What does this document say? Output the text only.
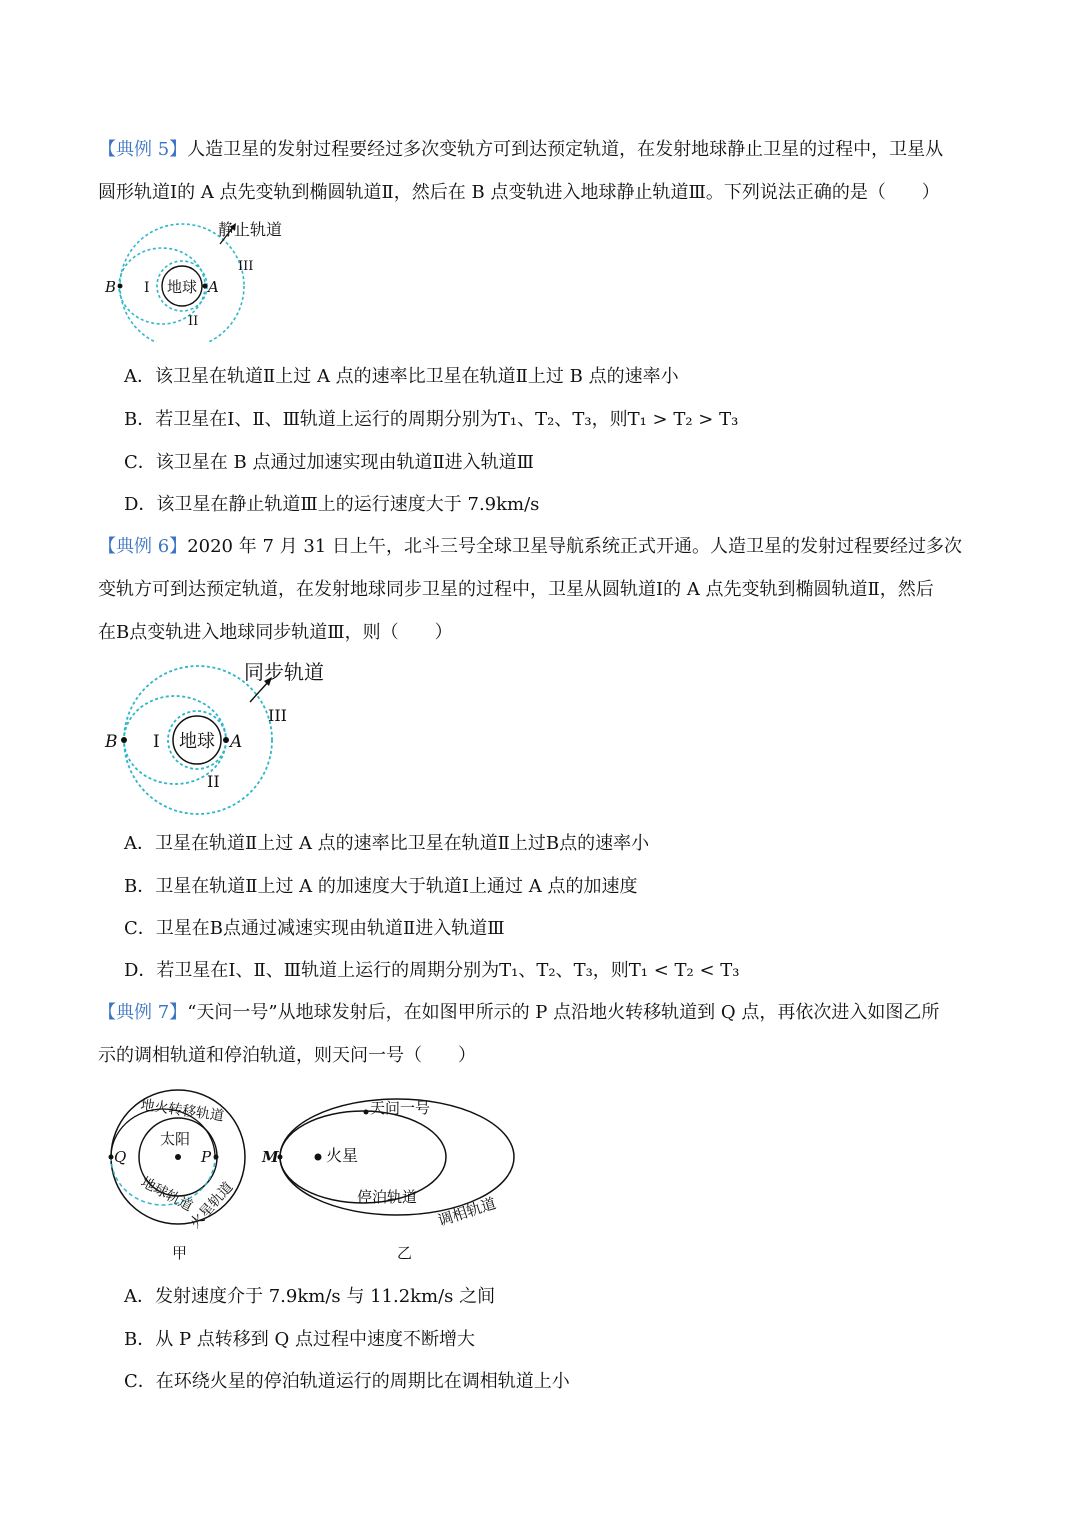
【典例 5】人造卫星的发射过程要经过多次变轨方可到达预定轨道，在发射地球静止卫星的过程中，卫星从
圆形轨道Ⅰ的 A 点先变轨到椭圆轨道Ⅱ，然后在 B 点变轨进入地球静止轨道Ⅲ。下列说法正确的是（　　）
地球
B	A
I
II
III
静止轨道
A．该卫星在轨道Ⅱ上过 A 点的速率比卫星在轨道Ⅱ上过 B 点的速率小
B．若卫星在Ⅰ、Ⅱ、Ⅲ轨道上运行的周期分别为T₁、T₂、T₃，则T₁ > T₂ > T₃
C．该卫星在 B 点通过加速实现由轨道Ⅱ进入轨道Ⅲ
D．该卫星在静止轨道Ⅲ上的运行速度大于 7.9km/s
【典例 6】2020 年 7 月 31 日上午，北斗三号全球卫星导航系统正式开通。人造卫星的发射过程要经过多次
变轨方可到达预定轨道，在发射地球同步卫星的过程中，卫星从圆轨道Ⅰ的 A 点先变轨到椭圆轨道Ⅱ，然后
在B点变轨进入地球同步轨道Ⅲ，则（　　）
地球
B	A
I
II
III
同步轨道
A．卫星在轨道Ⅱ上过 A 点的速率比卫星在轨道Ⅱ上过B点的速率小
B．卫星在轨道Ⅱ上过 A 的加速度大于轨道Ⅰ上通过 A 点的加速度
C．卫星在B点通过减速实现由轨道Ⅱ进入轨道Ⅲ
D．若卫星在Ⅰ、Ⅱ、Ⅲ轨道上运行的周期分别为T₁、T₂、T₃，则T₁ < T₂ < T₃
【典例 7】“天问一号”从地球发射后，在如图甲所示的 P 点沿地火转移轨道到 Q 点，再依次进入如图乙所
示的调相轨道和停泊轨道，则天问一号（　　）
Q	P
太阳
地火转移轨道
地球轨道
火星轨道
甲
M	火星
天问一号
停泊轨道 调相轨道
乙
A．发射速度介于 7.9km/s 与 11.2km/s 之间
B．从 P 点转移到 Q 点过程中速度不断增大
C．在环绕火星的停泊轨道运行的周期比在调相轨道上小
